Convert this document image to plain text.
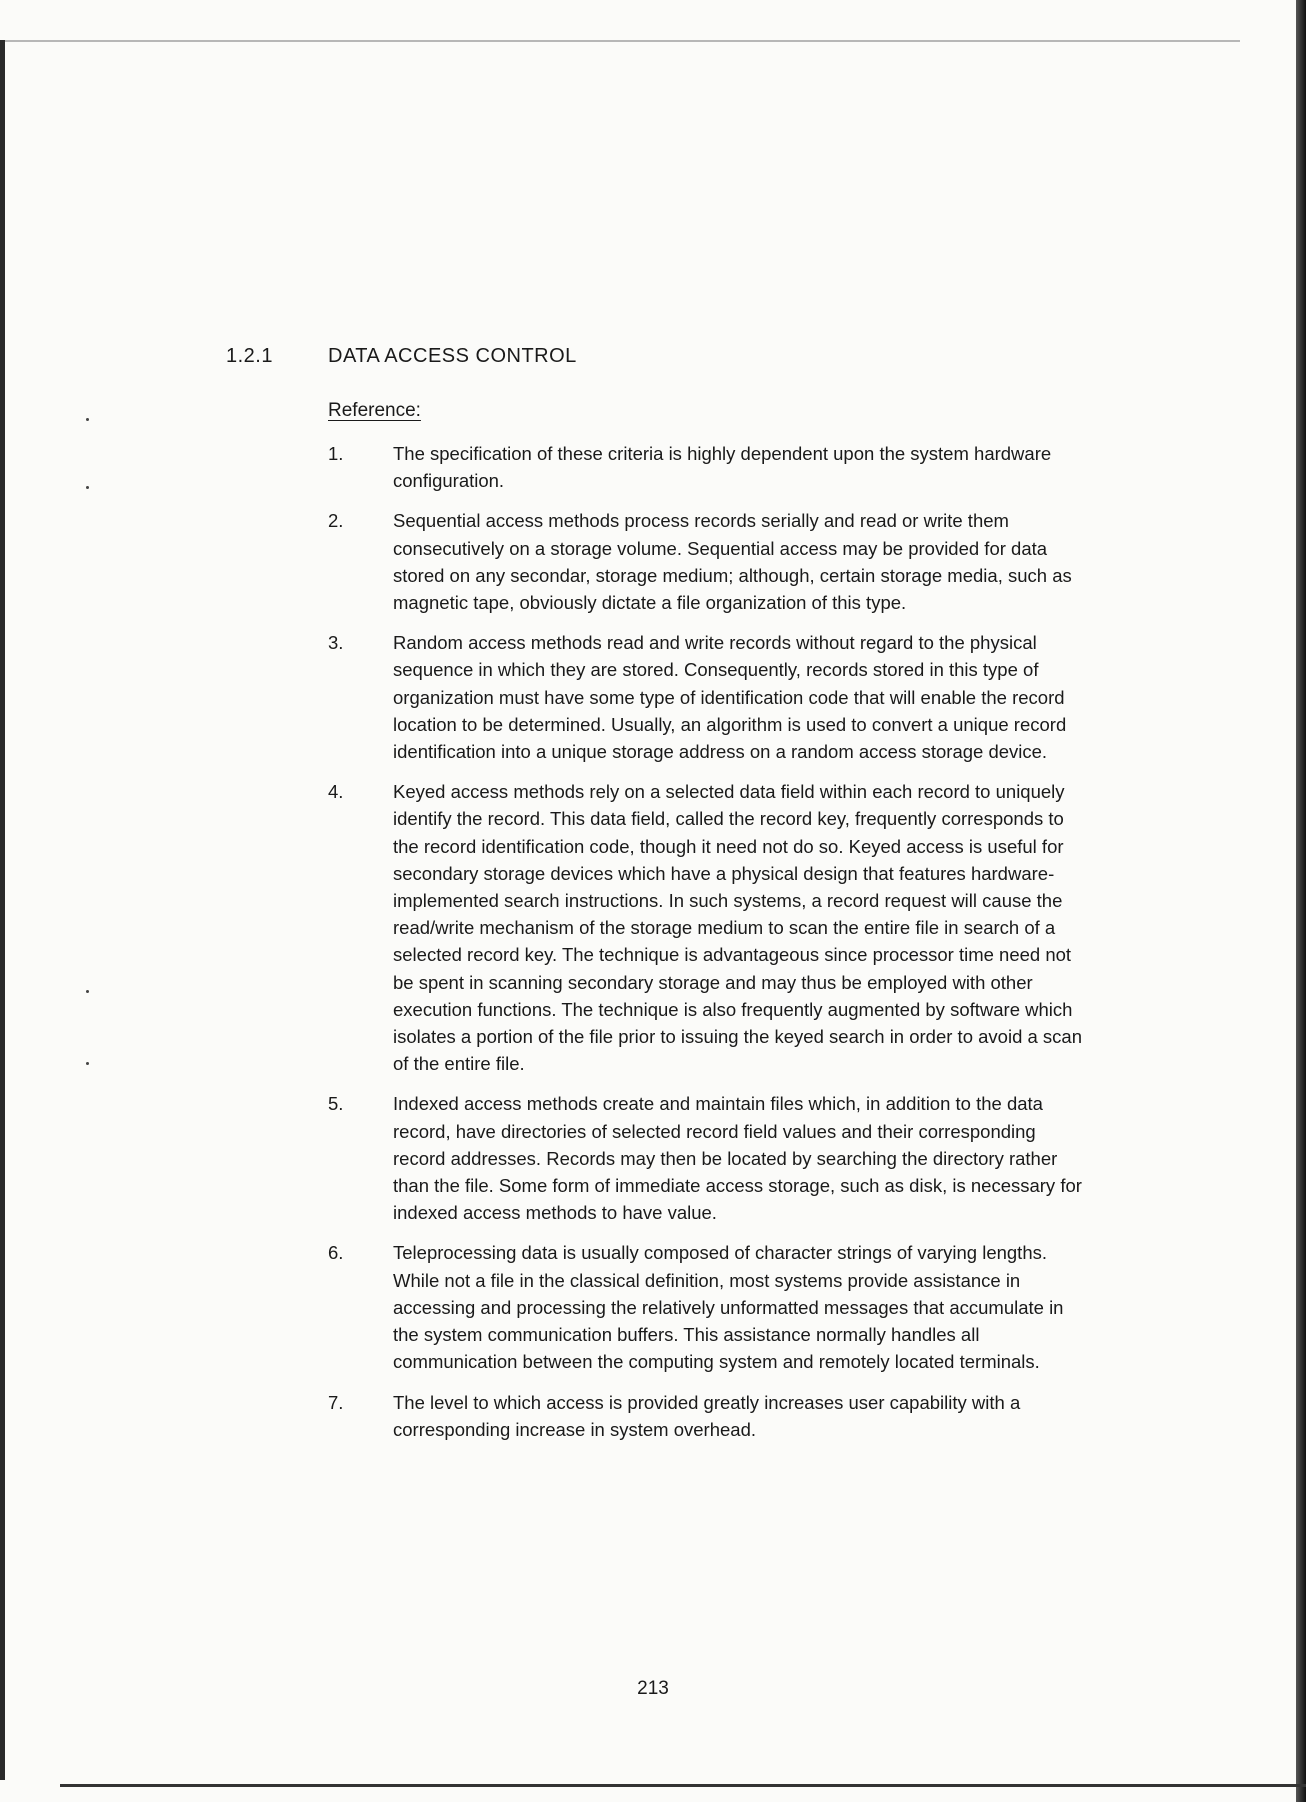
1.2.1	DATA ACCESS CONTROL
Reference:
1.	The specification of these criteria is highly dependent upon the system hardware configuration.
2.	Sequential access methods process records serially and read or write them consecutively on a storage volume. Sequential access may be provided for data stored on any secondar, storage medium; although, certain storage media, such as magnetic tape, obviously dictate a file organization of this type.
3.	Random access methods read and write records without regard to the physical sequence in which they are stored. Consequently, records stored in this type of organization must have some type of identification code that will enable the record location to be determined. Usually, an algorithm is used to convert a unique record identification into a unique storage address on a random access storage device.
4.	Keyed access methods rely on a selected data field within each record to uniquely identify the record. This data field, called the record key, frequently corresponds to the record identification code, though it need not do so. Keyed access is useful for secondary storage devices which have a physical design that features hardware-implemented search instructions. In such systems, a record request will cause the read/write mechanism of the storage medium to scan the entire file in search of a selected record key. The technique is advantageous since processor time need not be spent in scanning secondary storage and may thus be employed with other execution functions. The technique is also frequently augmented by software which isolates a portion of the file prior to issuing the keyed search in order to avoid a scan of the entire file.
5.	Indexed access methods create and maintain files which, in addition to the data record, have directories of selected record field values and their corresponding record addresses. Records may then be located by searching the directory rather than the file. Some form of immediate access storage, such as disk, is necessary for indexed access methods to have value.
6.	Teleprocessing data is usually composed of character strings of varying lengths. While not a file in the classical definition, most systems provide assistance in accessing and processing the relatively unformatted messages that accumulate in the system communication buffers. This assistance normally handles all communication between the computing system and remotely located terminals.
7.	The level to which access is provided greatly increases user capability with a corresponding increase in system overhead.
213
